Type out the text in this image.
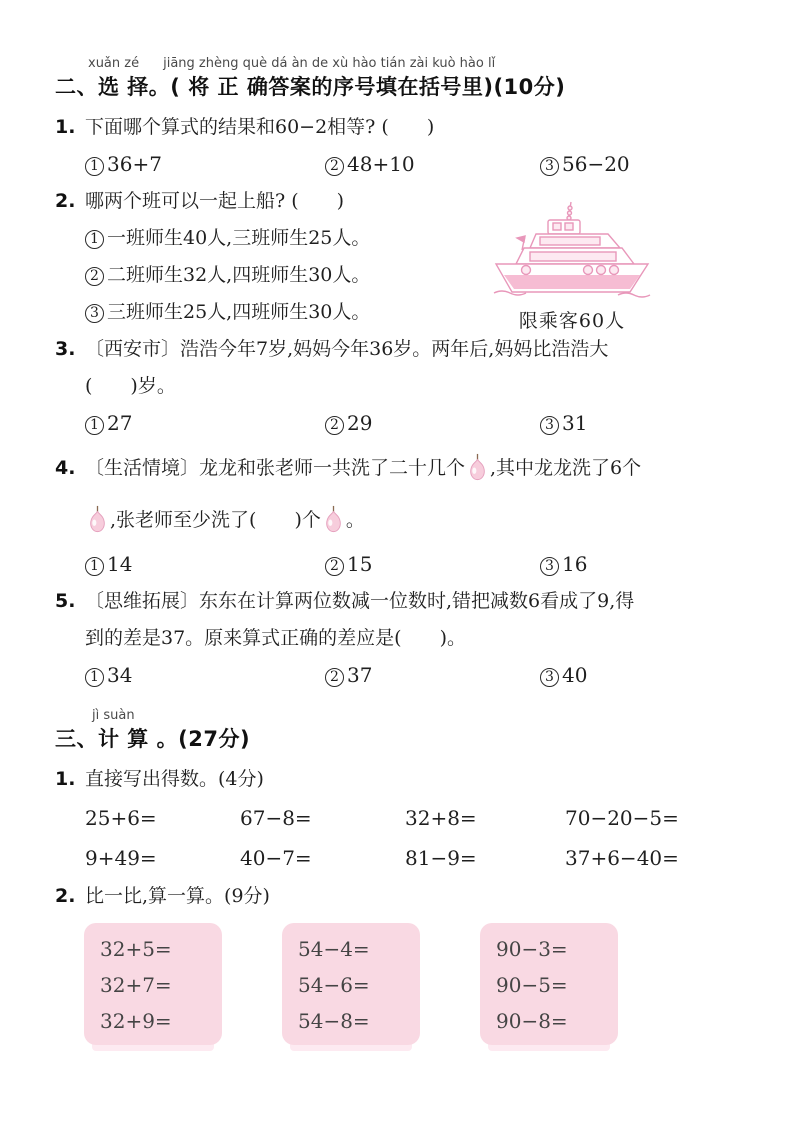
xuǎn zé jiāng zhèng què dá àn de xù hào tián zài kuò hào lǐ
二、选 择。( 将 正 确答案的序号填在括号里)(10分)
1. 下面哪个算式的结果和60−2相等? (  )
1 36+7	2 48+10	3 56−20
2. 哪两个班可以一起上船? (  )
1 一班师生40人,三班师生25人。
2 二班师生32人,四班师生30人。
3 三班师生25人,四班师生30人。	限乘客60人
3. 〔西安市〕浩浩今年7岁,妈妈今年36岁。两年后,妈妈比浩浩大
(  )岁。
1 27	2 29	3 31
4. 〔生活情境〕龙龙和张老师一共洗了二十几个 ,其中龙龙洗了6个
,张老师至少洗了(  )个 。
1 14	2 15	3 16
5. 〔思维拓展〕东东在计算两位数减一位数时,错把减数6看成了9,得
到的差是37。原来算式正确的差应是(  )。
1 34	2 37	3 40
jì suàn
三、计 算 。(27分)
1. 直接写出得数。(4分)
25+6=	67−8=	32+8=	70−20−5=
9+49=	40−7=	81−9=	37+6−40=
2. 比一比,算一算。(9分)
32+5=
32+7=
32+9=
54−4=
54−6=
54−8=
90−3=
90−5=
90−8=
